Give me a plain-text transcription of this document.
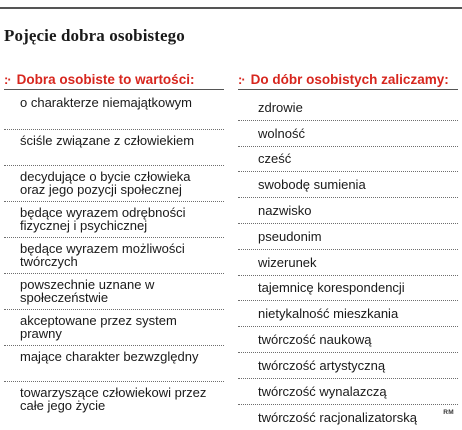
Pojęcie dobra osobistego
:· Dobra osobiste to wartości:
o charakterze niemajątkowym
ściśle związane z człowiekiem
decydujące o bycie człowieka oraz jego pozycji społecznej
będące wyrazem odrębności fizycznej i psychicznej
będące wyrazem możliwości twórczych
powszechnie uznane w społeczeństwie
akceptowane przez system prawny
mające charakter bezwzględny
towarzyszące człowiekowi przez całe jego życie
:· Do dóbr osobistych zaliczamy:
zdrowie
wolność
cześć
swobodę sumienia
nazwisko
pseudonim
wizerunek
tajemnicę korespondencji
nietykalność mieszkania
twórczość naukową
twórczość artystyczną
twórczość wynalazczą
twórczość racjonalizatorską	RM
